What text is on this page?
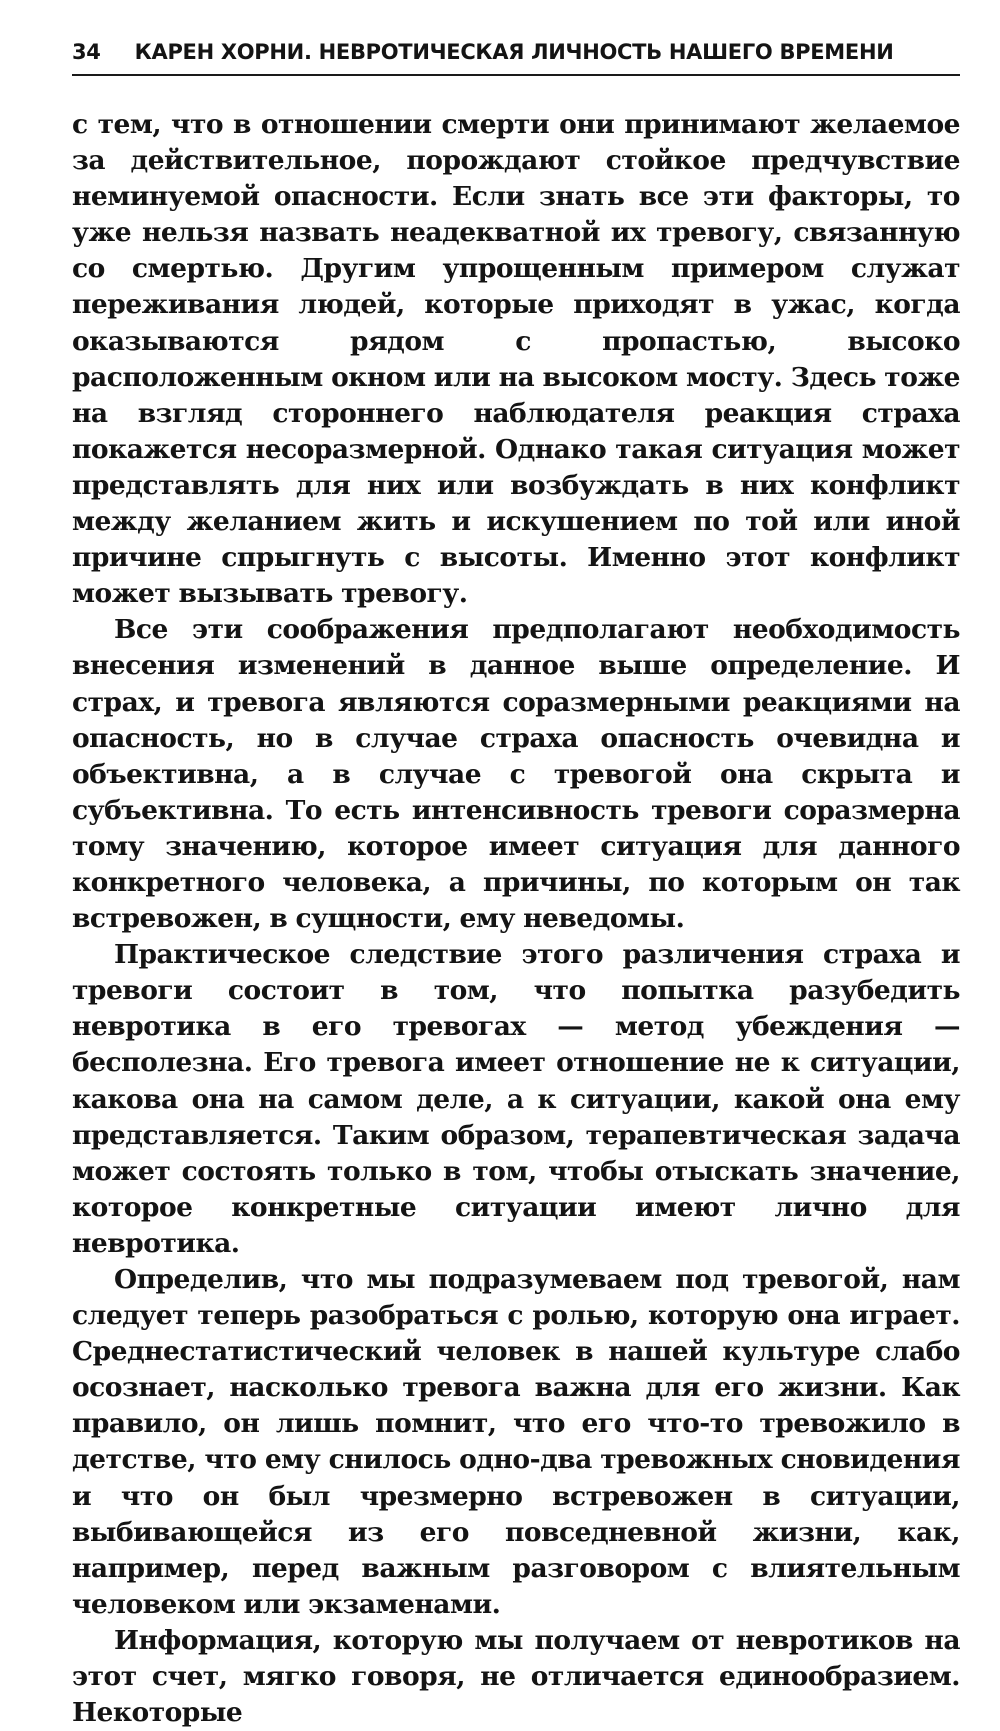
34 КАРЕН ХОРНИ. НЕВРОТИЧЕСКАЯ ЛИЧНОСТЬ НАШЕГО ВРЕМЕНИ

с тем, что в отношении смерти они принимают желаемое за действительное, порождают стойкое предчувствие неминуемой опасности. Если знать все эти факторы, то уже нельзя назвать неадекватной их тревогу, связанную со смертью. Другим упрощенным примером служат переживания людей, которые приходят в ужас, когда оказываются рядом с пропастью, высоко расположенным окном или на высоком мосту. Здесь тоже на взгляд стороннего наблюдателя реакция страха покажется несоразмерной. Однако такая ситуация может представлять для них или возбуждать в них конфликт между желанием жить и искушением по той или иной причине спрыгнуть с высоты. Именно этот конфликт может вызывать тревогу.

Все эти соображения предполагают необходимость внесения изменений в данное выше определение. И страх, и тревога являются соразмерными реакциями на опасность, но в случае страха опасность очевидна и объективна, а в случае с тревогой она скрыта и субъективна. То есть интенсивность тревоги соразмерна тому значению, которое имеет ситуация для данного конкретного человека, а причины, по которым он так встревожен, в сущности, ему неведомы.

Практическое следствие этого различения страха и тревоги состоит в том, что попытка разубедить невротика в его тревогах — метод убеждения — бесполезна. Его тревога имеет отношение не к ситуации, какова она на самом деле, а к ситуации, какой она ему представляется. Таким образом, терапевтическая задача может состоять только в том, чтобы отыскать значение, которое конкретные ситуации имеют лично для невротика.

Определив, что мы подразумеваем под тревогой, нам следует теперь разобраться с ролью, которую она играет. Среднестатистический человек в нашей культуре слабо осознает, насколько тревога важна для его жизни. Как правило, он лишь помнит, что его что-то тревожило в детстве, что ему снилось одно-два тревожных сновидения и что он был чрезмерно встревожен в ситуации, выбивающейся из его повседневной жизни, как, например, перед важным разговором с влиятельным человеком или экзаменами.

Информация, которую мы получаем от невротиков на этот счет, мягко говоря, не отличается единообразием. Некоторые
